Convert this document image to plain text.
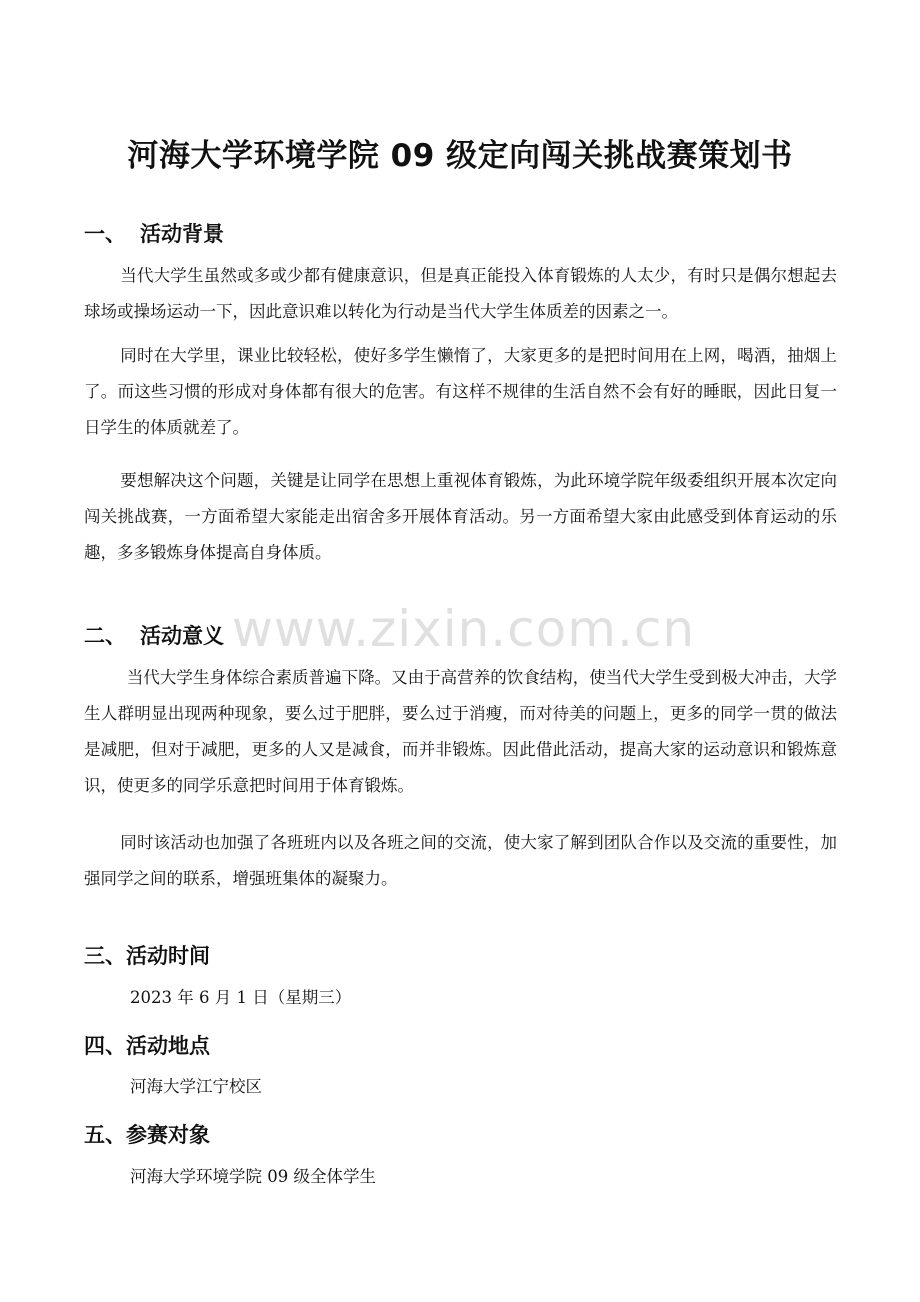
河海大学环境学院 09 级定向闯关挑战赛策划书
一、 活动背景

当代大学生虽然或多或少都有健康意识，但是真正能投入体育锻炼的人太少，有时只是偶尔想起去球场或操场运动一下，因此意识难以转化为行动是当代大学生体质差的因素之一。

同时在大学里，课业比较轻松，使好多学生懒惰了，大家更多的是把时间用在上网，喝酒，抽烟上了。而这些习惯的形成对身体都有很大的危害。有这样不规律的生活自然不会有好的睡眠，因此日复一日学生的体质就差了。

要想解决这个问题，关键是让同学在思想上重视体育锻炼，为此环境学院年级委组织开展本次定向闯关挑战赛，一方面希望大家能走出宿舍多开展体育活动。另一方面希望大家由此感受到体育运动的乐趣，多多锻炼身体提高自身体质。

二、 活动意义

当代大学生身体综合素质普遍下降。又由于高营养的饮食结构，使当代大学生受到极大冲击，大学生人群明显出现两种现象，要么过于肥胖，要么过于消瘦，而对待美的问题上，更多的同学一贯的做法是减肥，但对于减肥，更多的人又是减食，而并非锻炼。因此借此活动，提高大家的运动意识和锻炼意识，使更多的同学乐意把时间用于体育锻炼。

同时该活动也加强了各班班内以及各班之间的交流，使大家了解到团队合作以及交流的重要性，加强同学之间的联系，增强班集体的凝聚力。

三、活动时间

2023 年 6 月 1 日（星期三）

四、活动地点

河海大学江宁校区

五、参赛对象

河海大学环境学院 09 级全体学生

www.zixin.com.cn
